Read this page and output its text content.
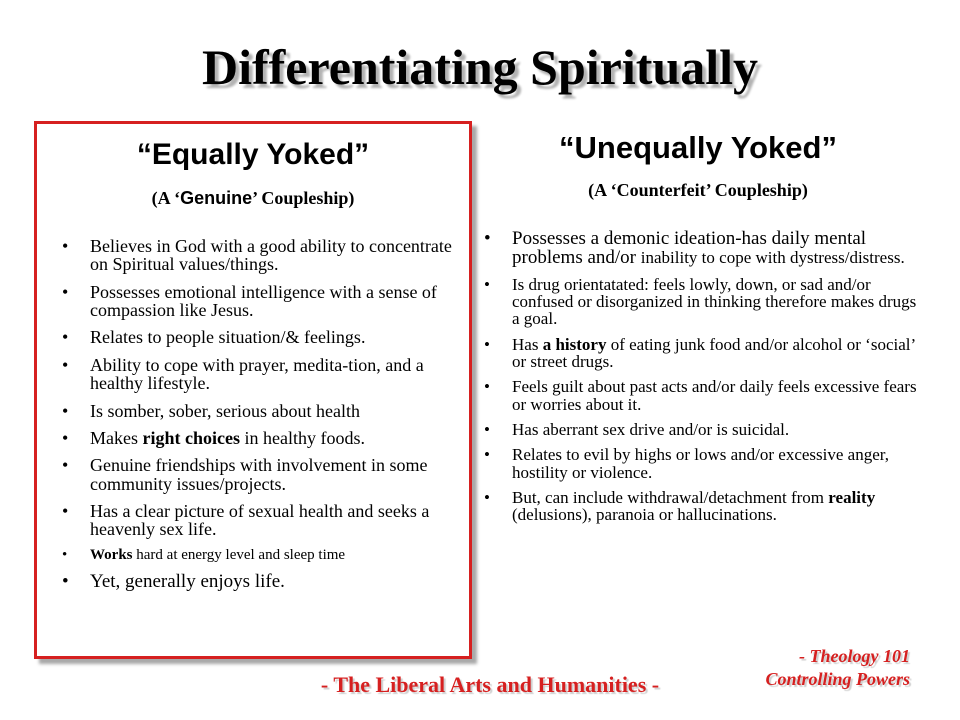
Differentiating Spiritually
“Equally Yoked”
(A ‘Genuine’ Coupleship)
• Believes in God with a good ability to concentrate on Spiritual values/things.
• Possesses emotional intelligence with a sense of compassion like Jesus.
• Relates to people situation/& feelings.
• Ability to cope with prayer, medita-tion, and a healthy lifestyle.
• Is somber, sober, serious about health
• Makes right choices in healthy foods.
• Genuine friendships with involvement in some community issues/projects.
• Has a clear picture of sexual health and seeks a heavenly sex life.
• Works hard at energy level and sleep time
• Yet, generally enjoys life.
“Unequally Yoked”
(A ‘Counterfeit’ Coupleship)
• Possesses a demonic ideation-has daily mental problems and/or inability to cope with dystress/distress.
• Is drug orientatated: feels lowly, down, or sad and/or confused or disorganized in thinking therefore makes drugs a goal.
• Has a history of eating junk food and/or alcohol or ‘social’ or street drugs.
• Feels guilt about past acts and/or daily feels excessive fears or worries about it.
• Has aberrant sex drive and/or is suicidal.
• Relates to evil by highs or lows and/or excessive anger, hostility or violence.
• But, can include withdrawal/detachment from reality (delusions), paranoia or hallucinations.
- The Liberal Arts and Humanities -
- Theology 101
Controlling Powers
